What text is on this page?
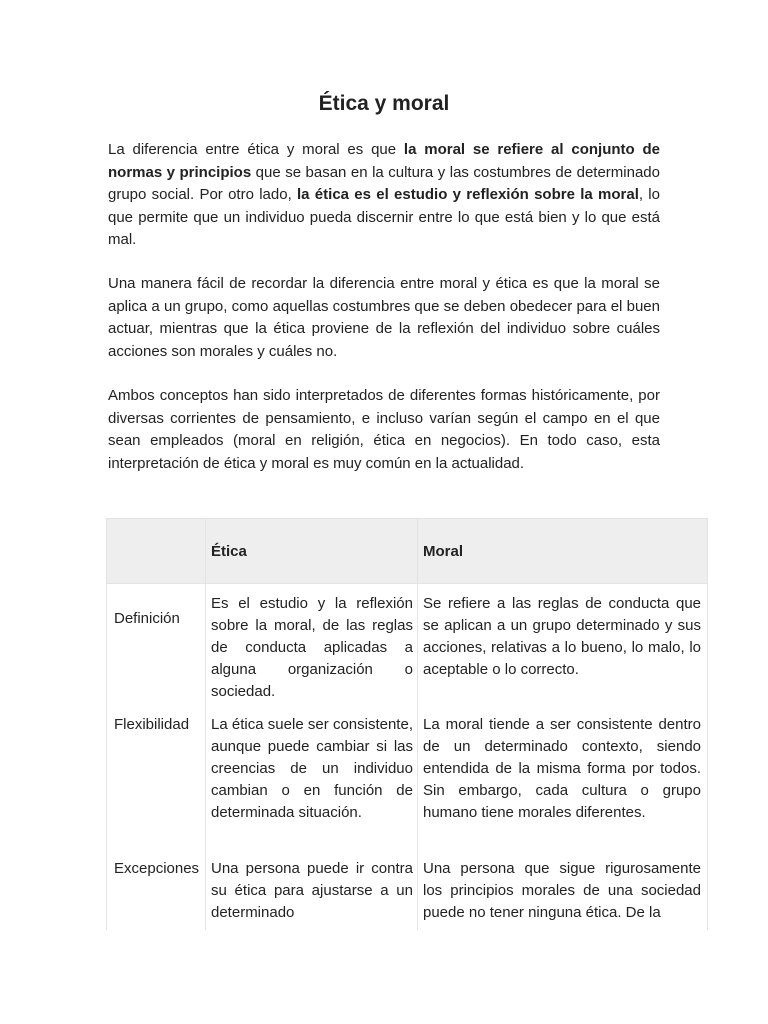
Ética y moral
La diferencia entre ética y moral es que la moral se refiere al conjunto de normas y principios que se basan en la cultura y las costumbres de determinado grupo social. Por otro lado, la ética es el estudio y reflexión sobre la moral, lo que permite que un individuo pueda discernir entre lo que está bien y lo que está mal.
Una manera fácil de recordar la diferencia entre moral y ética es que la moral se aplica a un grupo, como aquellas costumbres que se deben obedecer para el buen actuar, mientras que la ética proviene de la reflexión del individuo sobre cuáles acciones son morales y cuáles no.
Ambos conceptos han sido interpretados de diferentes formas históricamente, por diversas corrientes de pensamiento, e incluso varían según el campo en el que sean empleados (moral en religión, ética en negocios). En todo caso, esta interpretación de ética y moral es muy común en la actualidad.
Ética	Moral
Definición
Es el estudio y la reflexión sobre la moral, de las reglas de conducta aplicadas a alguna organización o sociedad.
Se refiere a las reglas de conducta que se aplican a un grupo determinado y sus acciones, relativas a lo bueno, lo malo, lo aceptable o lo correcto.
Flexibilidad	La ética suele ser consistente, aunque puede cambiar si las creencias de un individuo cambian o en función de determinada situación.
La moral tiende a ser consistente dentro de un determinado contexto, siendo entendida de la misma forma por todos. Sin embargo, cada cultura o grupo humano tiene morales diferentes.
Excepciones Una persona puede ir contra su ética para ajustarse a un determinado
Una persona que sigue rigurosamente los principios morales de una sociedad puede no tener ninguna ética. De la
